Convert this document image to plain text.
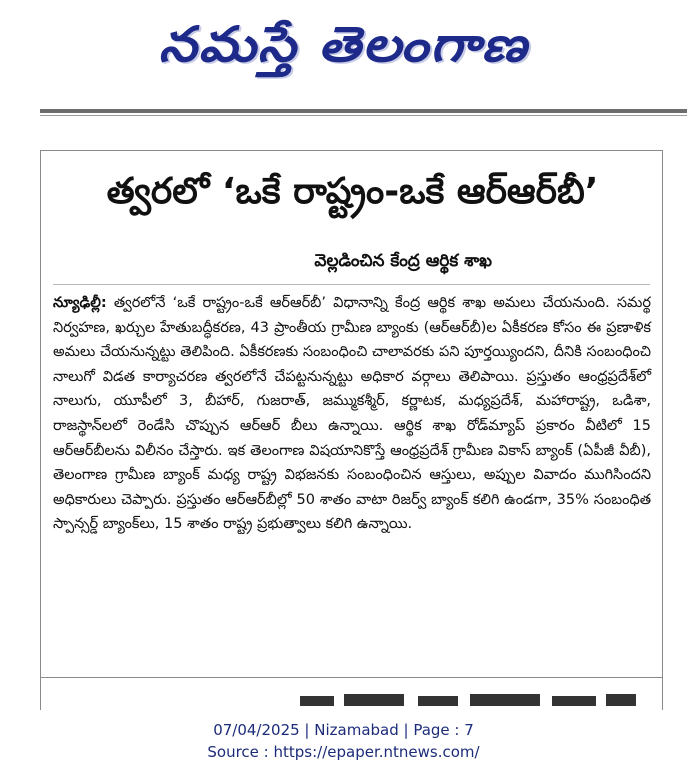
నమస్తే తెలంగాణ
త్వరలో ‘ఒకే రాష్ట్రం-ఒకే ఆర్‌ఆర్‌బీ’
వెల్లడించిన కేంద్ర ఆర్థిక శాఖ
న్యూఢిల్లీ: త్వరలోనే ‘ఒకే రాష్ట్రం-ఒకే ఆర్‌ఆర్‌బీ’ విధానాన్ని కేంద్ర ఆర్థిక శాఖ అమలు చేయనుంది. సమర్థ నిర్వహణ, ఖర్చుల హేతుబద్ధీకరణ, 43 ప్రాంతీయ గ్రామీణ బ్యాంకు (ఆర్‌ఆర్‌బీ)ల ఏకీకరణ కోసం ఈ ప్రణాళిక అమలు చేయనున్నట్టు తెలిపింది. ఏకీకరణకు సంబంధించి చాలావరకు పని పూర్తయ్యిందని, దీనికి సంబంధించి నాలుగో విడత కార్యాచరణ త్వరలోనే చేపట్టనున్నట్టు అధికార వర్గాలు తెలిపాయి. ప్రస్తుతం ఆంధ్రప్రదేశ్‌లో నాలుగు, యూపీలో 3, బీహార్, గుజరాత్, జమ్ముకశ్మీర్, కర్ణాటక, మధ్యప్రదేశ్, మహారాష్ట్ర, ఒడిశా, రాజస్థాన్‌లలో రెండేసి చొప్పున ఆర్‌ఆర్ బీలు ఉన్నాయి. ఆర్థిక శాఖ రోడ్‌మ్యాప్ ప్రకారం వీటిలో 15 ఆర్‌ఆర్‌బీలను విలీనం చేస్తారు. ఇక తెలంగాణ విషయానికొస్తే ఆంధ్రప్రదేశ్ గ్రామీణ వికాస్ బ్యాంక్ (ఏపీజీ వీబీ), తెలంగాణ గ్రామీణ బ్యాంక్ మధ్య రాష్ట్ర విభజనకు సంబంధించిన ఆస్తులు, అప్పుల వివాదం ముగిసిందని అధికారులు చెప్పారు. ప్రస్తుతం ఆర్‌ఆర్‌బీల్లో 50 శాతం వాటా రిజర్వ్ బ్యాంక్ కలిగి ఉండగా, 35% సంబంధిత స్పాన్సర్డ్ బ్యాంక్‌లు, 15 శాతం రాష్ట్ర ప్రభుత్వాలు కలిగి ఉన్నాయి.
07/04/2025 | Nizamabad | Page : 7
Source : https://epaper.ntnews.com/
